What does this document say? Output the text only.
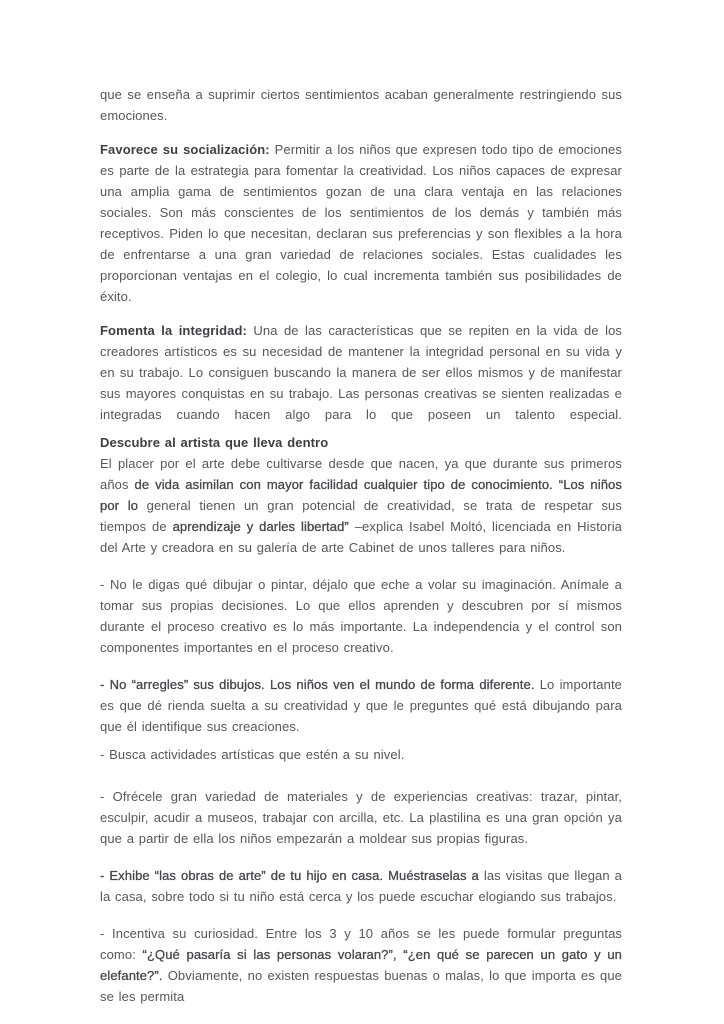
que se enseña a suprimir ciertos sentimientos acaban generalmente restringiendo sus emociones.
Favorece su socialización: Permitir a los niños que expresen todo tipo de emociones es parte de la estrategia para fomentar la creatividad. Los niños capaces de expresar una amplia gama de sentimientos gozan de una clara ventaja en las relaciones sociales. Son más conscientes de los sentimientos de los demás y también más receptivos. Piden lo que necesitan, declaran sus preferencias y son flexibles a la hora de enfrentarse a una gran variedad de relaciones sociales. Estas cualidades les proporcionan ventajas en el colegio, lo cual incrementa también sus posibilidades de éxito.
Fomenta la integridad: Una de las características que se repiten en la vida de los creadores artísticos es su necesidad de mantener la integridad personal en su vida y en su trabajo. Lo consiguen buscando la manera de ser ellos mismos y de manifestar sus mayores conquistas en su trabajo. Las personas creativas se sienten realizadas e integradas cuando hacen algo para lo que poseen un talento especial.
Descubre al artista que lleva dentro
El placer por el arte debe cultivarse desde que nacen, ya que durante sus primeros años de vida asimilan con mayor facilidad cualquier tipo de conocimiento. “Los niños por lo general tienen un gran potencial de creatividad, se trata de respetar sus tiempos de aprendizaje y darles libertad” –explica Isabel Moltó, licenciada en Historia del Arte y creadora en su galería de arte Cabinet de unos talleres para niños.
- No le digas qué dibujar o pintar, déjalo que eche a volar su imaginación. Anímale a tomar sus propias decisiones. Lo que ellos aprenden y descubren por sí mismos durante el proceso creativo es lo más importante. La independencia y el control son componentes importantes en el proceso creativo.
- No “arregles” sus dibujos. Los niños ven el mundo de forma diferente. Lo importante es que dé rienda suelta a su creatividad y que le preguntes qué está dibujando para que él identifique sus creaciones.
- Busca actividades artísticas que estén a su nivel.
- Ofrécele gran variedad de materiales y de experiencias creativas: trazar, pintar, esculpir, acudir a museos, trabajar con arcilla, etc. La plastilina es una gran opción ya que a partir de ella los niños empezarán a moldear sus propias figuras.
- Exhibe “las obras de arte” de tu hijo en casa. Muéstraselas a las visitas que llegan a la casa, sobre todo si tu niño está cerca y los puede escuchar elogiando sus trabajos.
- Incentiva su curiosidad. Entre los 3 y 10 años se les puede formular preguntas como: “¿Qué pasaría si las personas volaran?”, “¿en qué se parecen un gato y un elefante?”. Obviamente, no existen respuestas buenas o malas, lo que importa es que se les permita
